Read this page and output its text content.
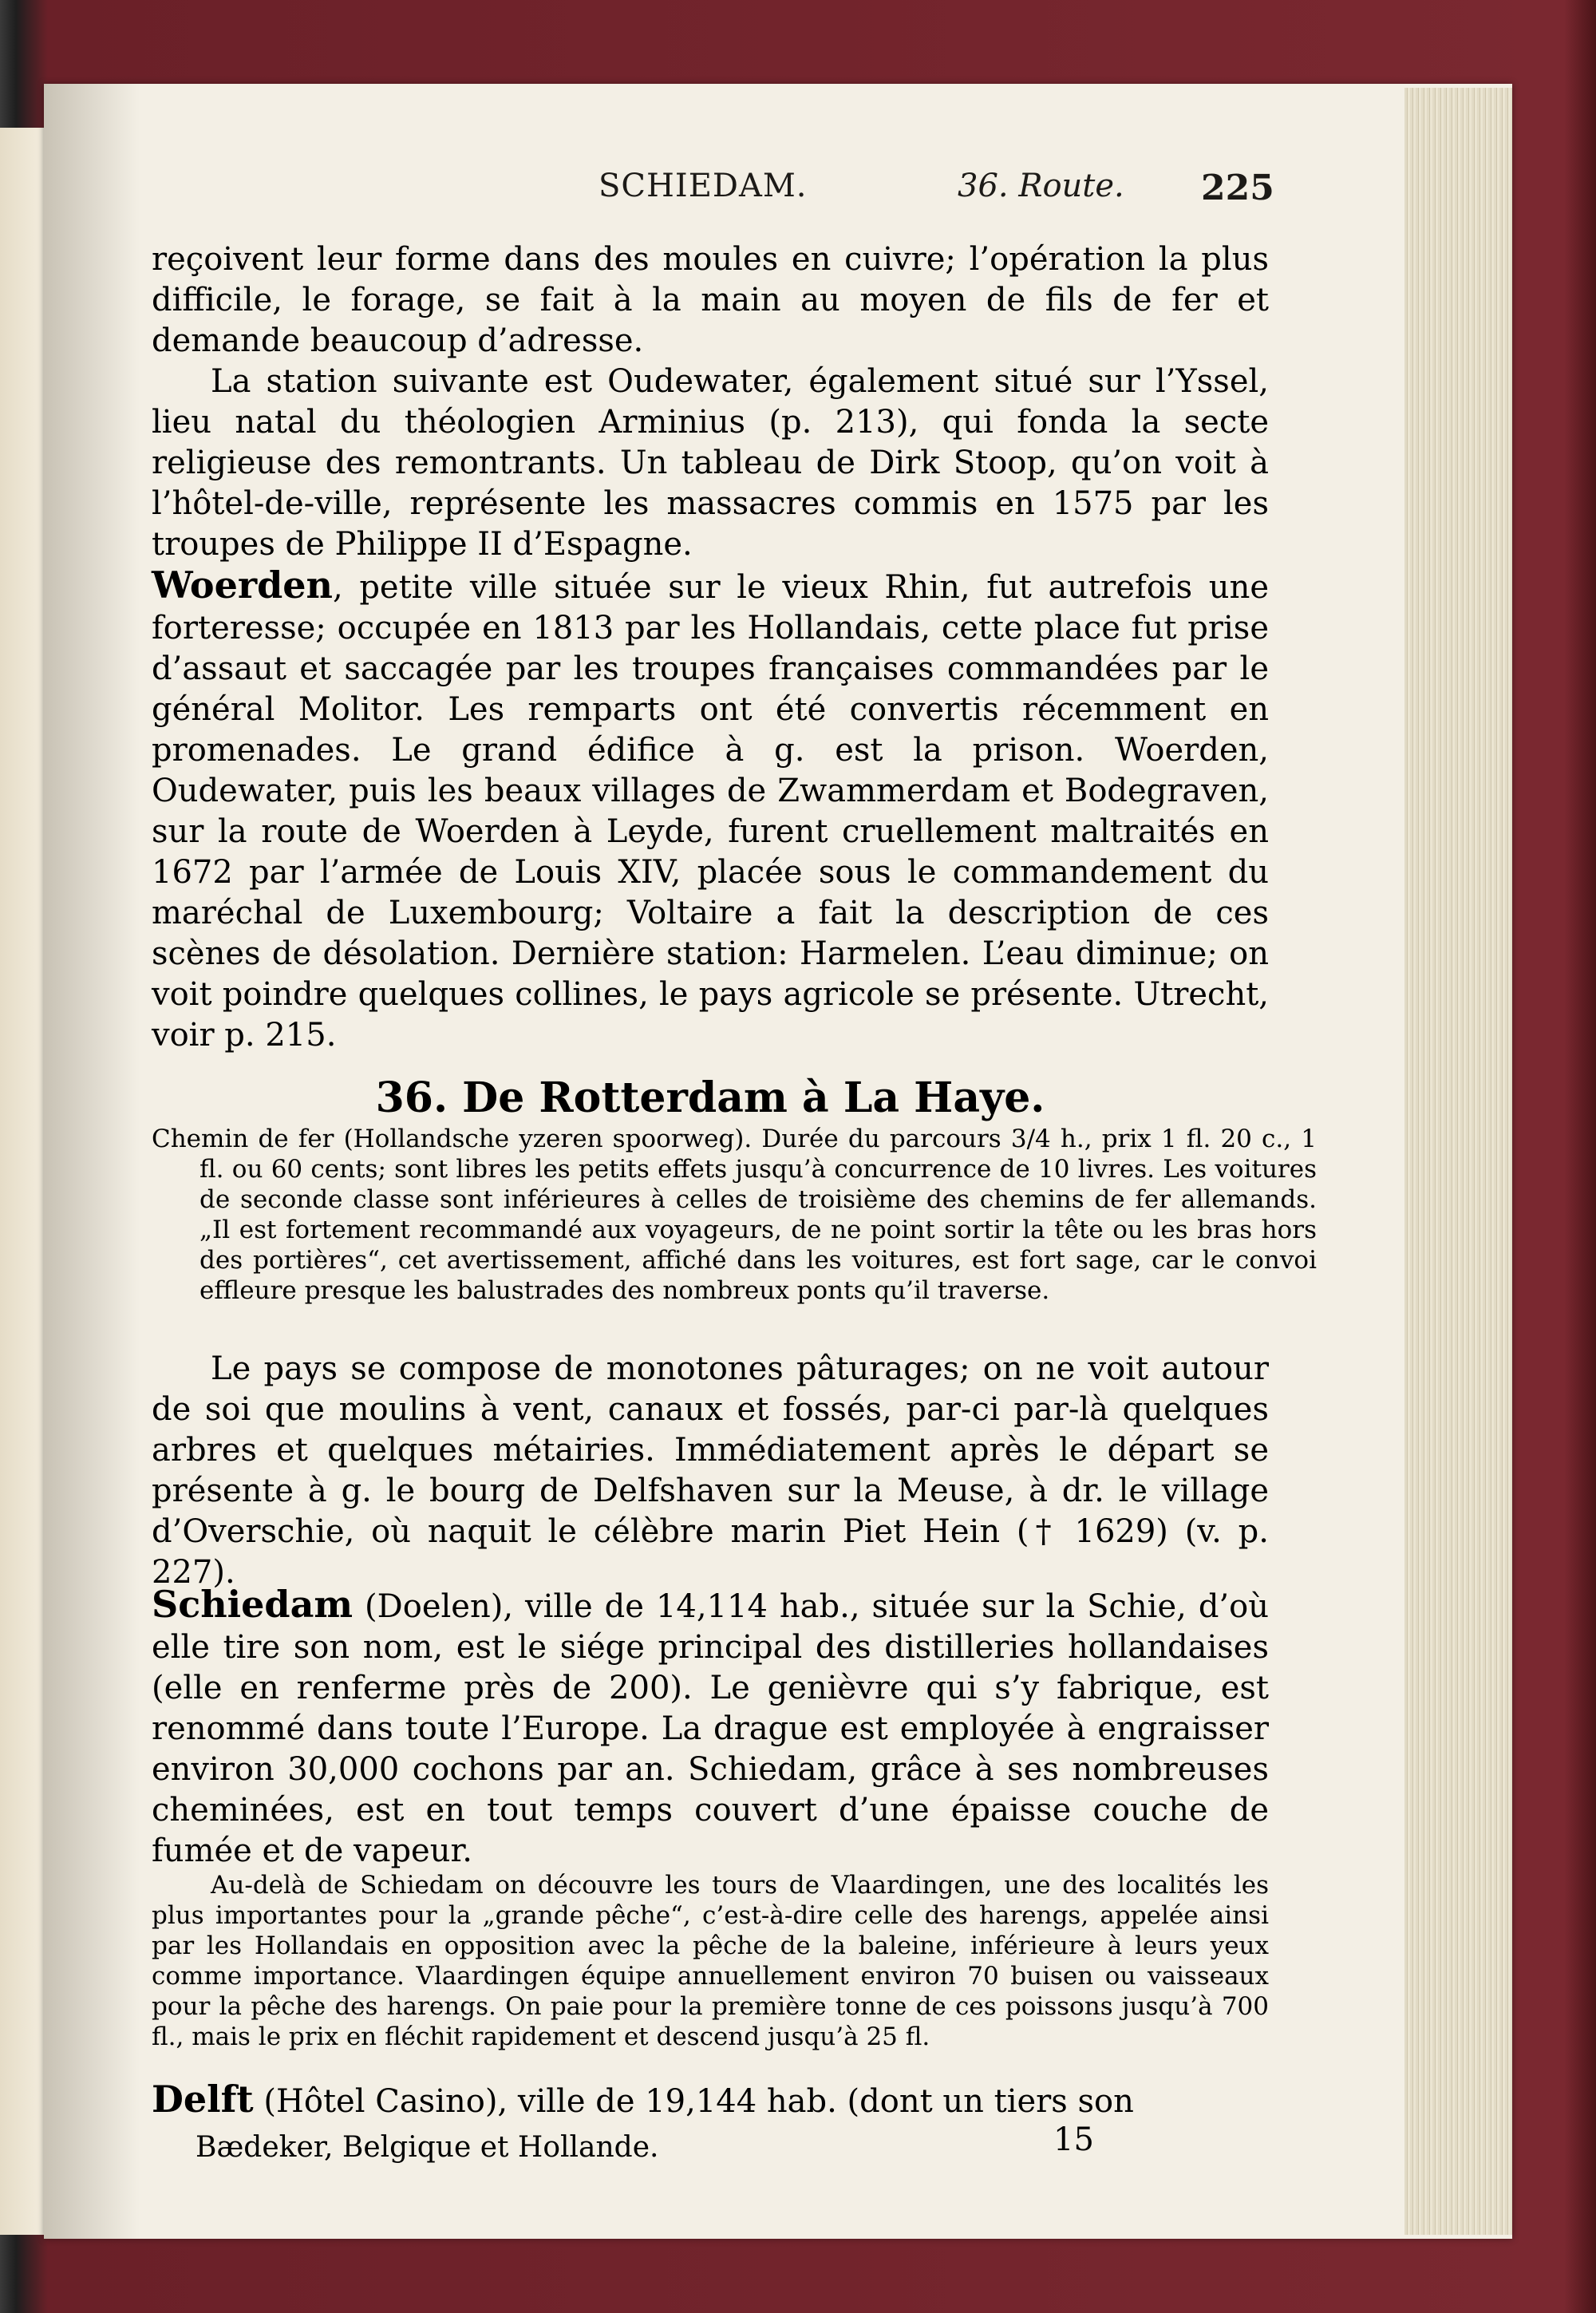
SCHIEDAM.	36. Route. 225
reçoivent leur forme dans des moules en cuivre; l’opération la plus difficile, le forage, se fait à la main au moyen de fils de fer et demande beaucoup d’adresse.
La station suivante est Oudewater, également situé sur l’Yssel, lieu natal du théologien Arminius (p. 213), qui fonda la secte religieuse des remontrants. Un tableau de Dirk Stoop, qu’on voit à l’hôtel-de-ville, représente les massacres commis en 1575 par les troupes de Philippe II d’Espagne.
Woerden, petite ville située sur le vieux Rhin, fut autrefois une forteresse; occupée en 1813 par les Hollandais, cette place fut prise d’assaut et saccagée par les troupes françaises commandées par le général Molitor. Les remparts ont été convertis récemment en promenades. Le grand édifice à g. est la prison. Woerden, Oudewater, puis les beaux villages de Zwammerdam et Bodegraven, sur la route de Woerden à Leyde, furent cruellement maltraités en 1672 par l’armée de Louis XIV, placée sous le commandement du maréchal de Luxembourg; Voltaire a fait la description de ces scènes de désolation. Dernière station: Harmelen. L’eau diminue; on voit poindre quelques collines, le pays agricole se présente. Utrecht, voir p. 215.
36. De Rotterdam à La Haye.
Chemin de fer (Hollandsche yzeren spoorweg). Durée du parcours 3/4 h., prix 1 fl. 20 c., 1 fl. ou 60 cents; sont libres les petits effets jusqu’à concurrence de 10 livres. Les voitures de seconde classe sont inférieures à celles de troisième des chemins de fer allemands. „Il est fortement recommandé aux voyageurs, de ne point sortir la tête ou les bras hors des portières“, cet avertissement, affiché dans les voitures, est fort sage, car le convoi effleure presque les balustrades des nombreux ponts qu’il traverse.
Le pays se compose de monotones pâturages; on ne voit autour de soi que moulins à vent, canaux et fossés, par-ci par-là quelques arbres et quelques métairies. Immédiatement après le départ se présente à g. le bourg de Delfshaven sur la Meuse, à dr. le village d’Overschie, où naquit le célèbre marin Piet Hein († 1629) (v. p. 227).
Schiedam (Doelen), ville de 14,114 hab., située sur la Schie, d’où elle tire son nom, est le siége principal des distilleries hollandaises (elle en renferme près de 200). Le genièvre qui s’y fabrique, est renommé dans toute l’Europe. La drague est employée à engraisser environ 30,000 cochons par an. Schiedam, grâce à ses nombreuses cheminées, est en tout temps couvert d’une épaisse couche de fumée et de vapeur.
Au-delà de Schiedam on découvre les tours de Vlaardingen, une des localités les plus importantes pour la „grande pêche“, c’est-à-dire celle des harengs, appelée ainsi par les Hollandais en opposition avec la pêche de la baleine, inférieure à leurs yeux comme importance. Vlaardingen équipe annuellement environ 70 buisen ou vaisseaux pour la pêche des harengs. On paie pour la première tonne de ces poissons jusqu’à 700 fl., mais le prix en fléchit rapidement et descend jusqu’à 25 fl.
Delft (Hôtel Casino), ville de 19,144 hab. (dont un tiers son
Bædeker, Belgique et Hollande.	15
